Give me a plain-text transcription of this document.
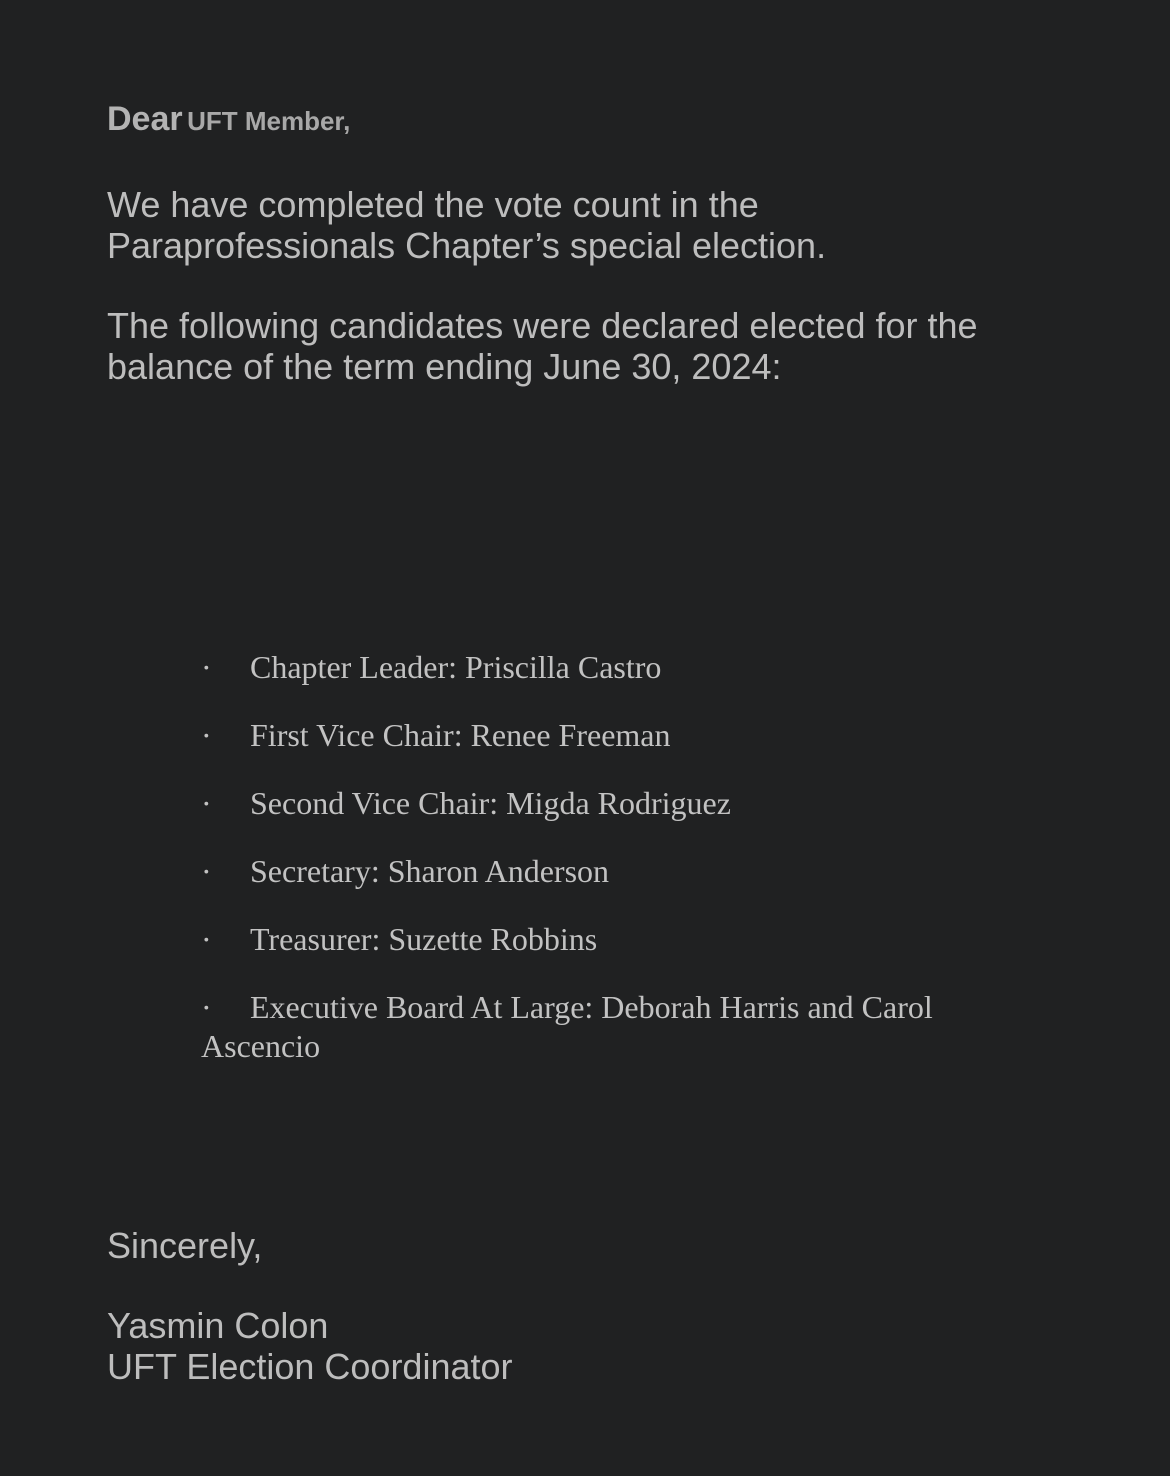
Dear UFT Member,

We have completed the vote count in the
Paraprofessionals Chapter’s special election.

The following candidates were declared elected for the
balance of the term ending June 30, 2024:

· Chapter Leader: Priscilla Castro
· First Vice Chair: Renee Freeman
· Second Vice Chair: Migda Rodriguez
· Secretary: Sharon Anderson
· Treasurer: Suzette Robbins
· Executive Board At Large: Deborah Harris and Carol Ascencio

Sincerely,

Yasmin Colon
UFT Election Coordinator
